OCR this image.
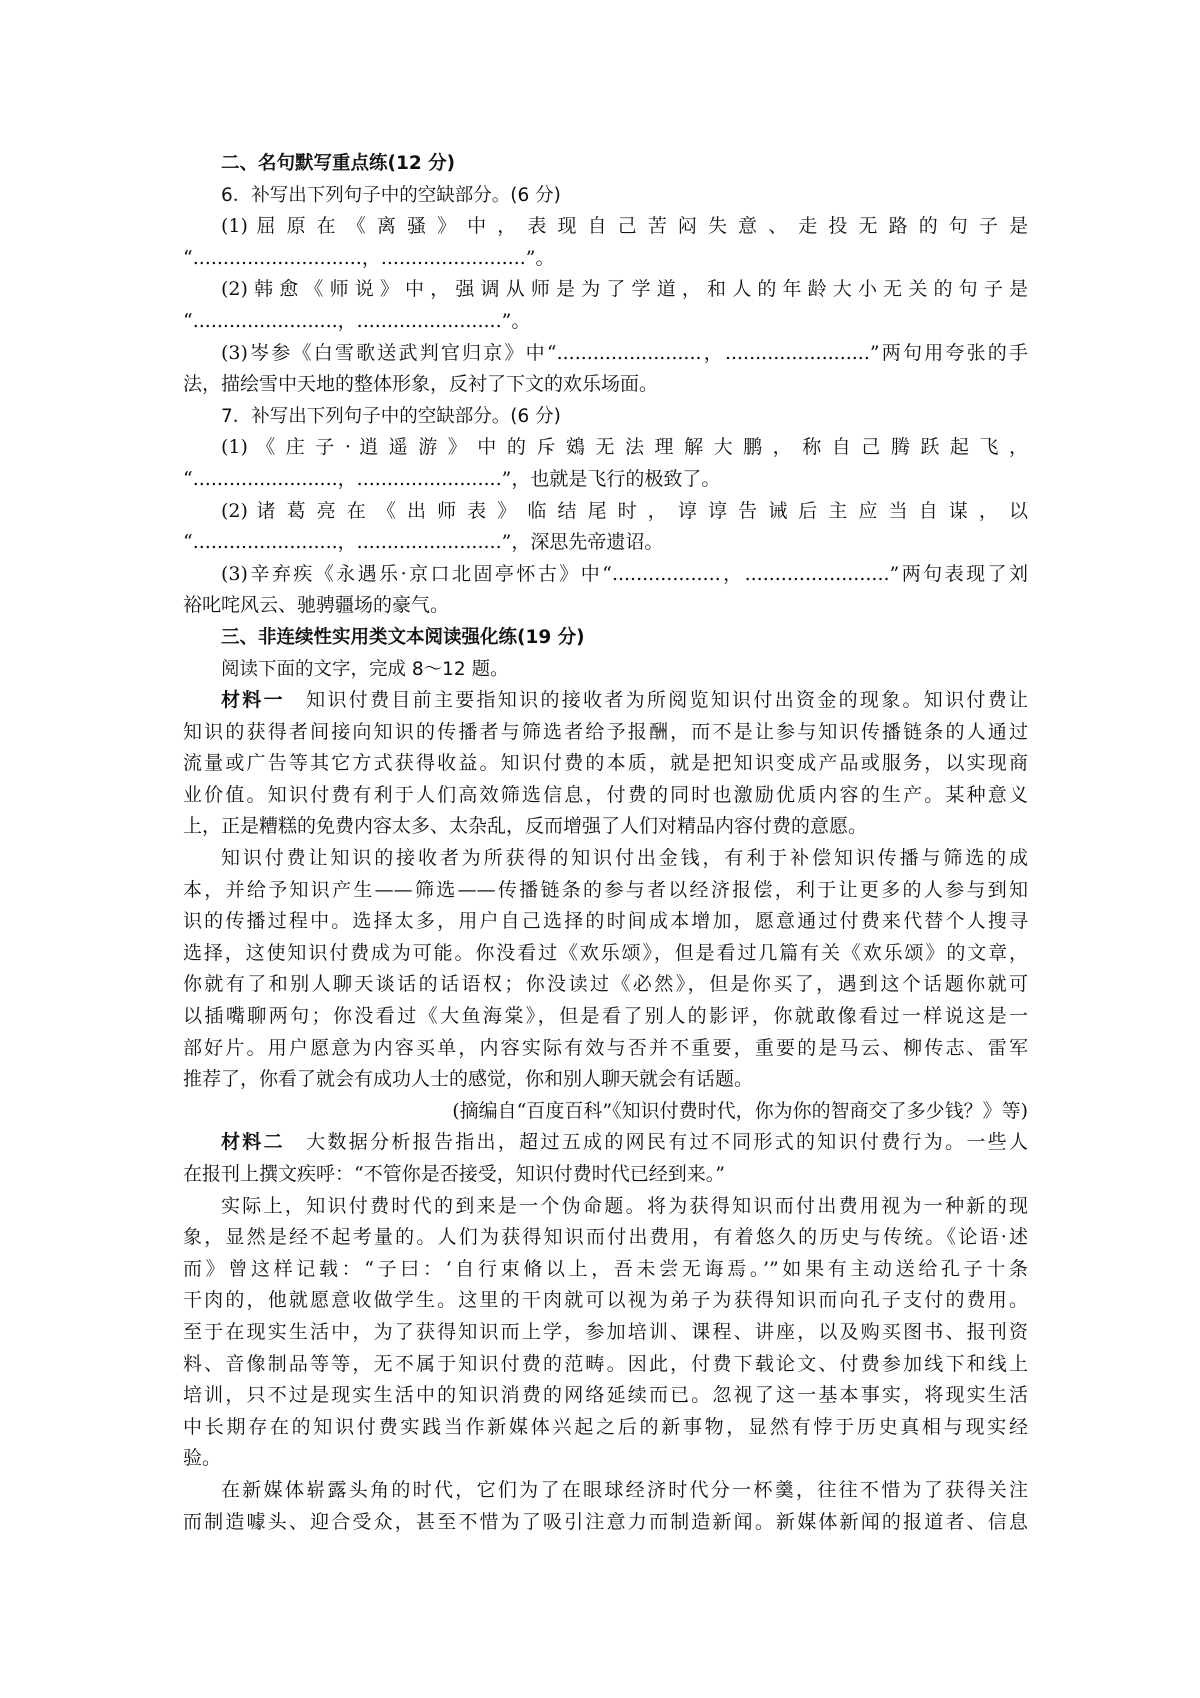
二、名句默写重点练(12 分)
6．补写出下列句子中的空缺部分。(6 分)
(1) 屈 原 在 《 离 骚 》 中 ， 表 现 自 己 苦 闷 失 意 、 走 投 无 路 的 句 子 是
“............................，........................”。
(2)韩愈《师说》中，强调从师是为了学道，和人的年龄大小无关的句子是
“........................，........................”。
(3)岑参《白雪歌送武判官归京》中“........................，........................”两句用夸张的手
法，描绘雪中天地的整体形象，反衬了下文的欢乐场面。
7．补写出下列句子中的空缺部分。(6 分)
(1) 《 庄 子 · 逍 遥 游 》 中 的 斥 鴳 无 法 理 解 大 鹏 ， 称 自 己 腾 跃 起 飞 ，
“........................，........................”，也就是飞行的极致了。
(2) 诸 葛 亮 在 《 出 师 表 》 临 结 尾 时 ， 谆 谆 告 诫 后 主 应 当 自 谋 ， 以
“........................，........................”，深思先帝遗诏。
(3)辛弃疾《永遇乐·京口北固亭怀古》中“..................，........................”两句表现了刘
裕叱咤风云、驰骋疆场的豪气。
三、非连续性实用类文本阅读强化练(19 分)
阅读下面的文字，完成 8～12 题。
材料一 知识付费目前主要指知识的接收者为所阅览知识付出资金的现象。知识付费让
知识的获得者间接向知识的传播者与筛选者给予报酬，而不是让参与知识传播链条的人通过
流量或广告等其它方式获得收益。知识付费的本质，就是把知识变成产品或服务，以实现商
业价值。知识付费有利于人们高效筛选信息，付费的同时也激励优质内容的生产。某种意义
上，正是糟糕的免费内容太多、太杂乱，反而增强了人们对精品内容付费的意愿。
知识付费让知识的接收者为所获得的知识付出金钱，有利于补偿知识传播与筛选的成
本，并给予知识产生——筛选——传播链条的参与者以经济报偿，利于让更多的人参与到知
识的传播过程中。选择太多，用户自己选择的时间成本增加，愿意通过付费来代替个人搜寻
选择，这使知识付费成为可能。你没看过《欢乐颂》，但是看过几篇有关《欢乐颂》的文章，
你就有了和别人聊天谈话的话语权；你没读过《必然》，但是你买了，遇到这个话题你就可
以插嘴聊两句；你没看过《大鱼海棠》，但是看了别人的影评，你就敢像看过一样说这是一
部好片。用户愿意为内容买单，内容实际有效与否并不重要，重要的是马云、柳传志、雷军
推荐了，你看了就会有成功人士的感觉，你和别人聊天就会有话题。
(摘编自“百度百科”《知识付费时代，你为你的智商交了多少钱？》等)
材料二 大数据分析报告指出，超过五成的网民有过不同形式的知识付费行为。一些人
在报刊上撰文疾呼：“不管你是否接受，知识付费时代已经到来。”
实际上，知识付费时代的到来是一个伪命题。将为获得知识而付出费用视为一种新的现
象，显然是经不起考量的。人们为获得知识而付出费用，有着悠久的历史与传统。《论语·述
而》曾这样记载：“子曰：‘自行束脩以上，吾未尝无诲焉。’”如果有主动送给孔子十条
干肉的，他就愿意收做学生。这里的干肉就可以视为弟子为获得知识而向孔子支付的费用。
至于在现实生活中，为了获得知识而上学，参加培训、课程、讲座，以及购买图书、报刊资
料、音像制品等等，无不属于知识付费的范畴。因此，付费下载论文、付费参加线下和线上
培训，只不过是现实生活中的知识消费的网络延续而已。忽视了这一基本事实，将现实生活
中长期存在的知识付费实践当作新媒体兴起之后的新事物，显然有悖于历史真相与现实经
验。
在新媒体崭露头角的时代，它们为了在眼球经济时代分一杯羹，往往不惜为了获得关注
而制造噱头、迎合受众，甚至不惜为了吸引注意力而制造新闻。新媒体新闻的报道者、信息
